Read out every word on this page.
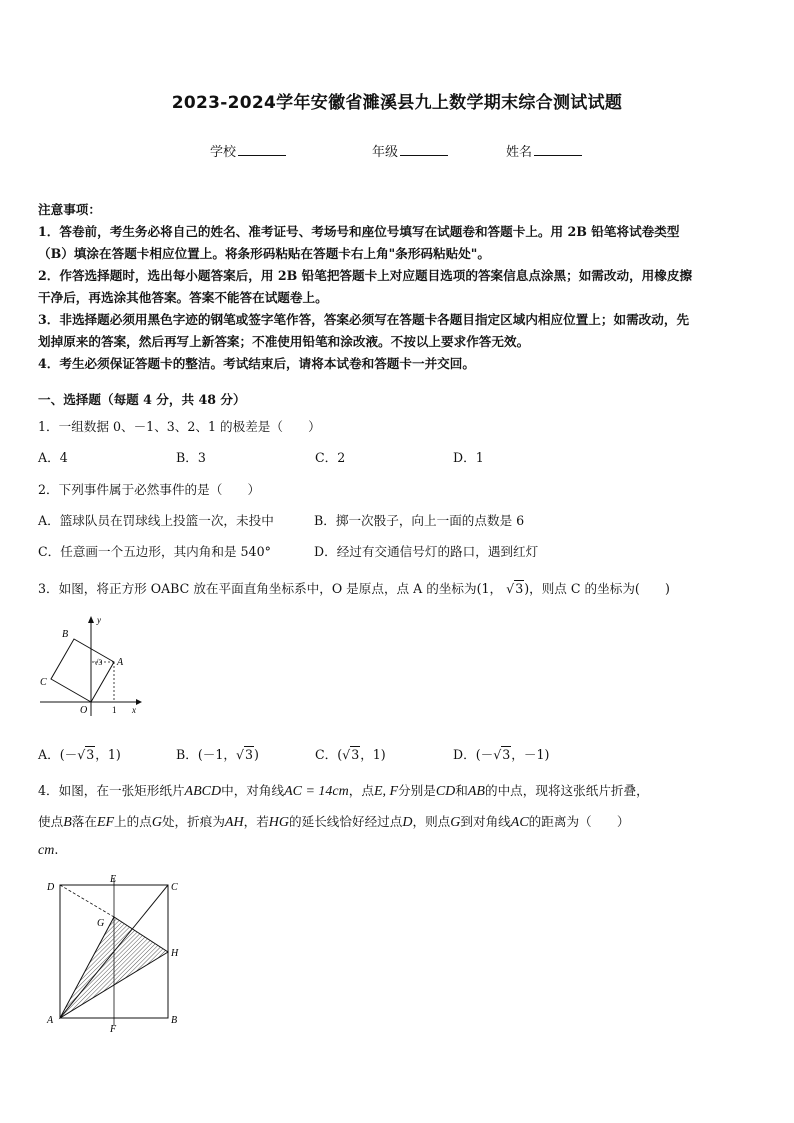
2023-2024学年安徽省濉溪县九上数学期末综合测试试题
学校	年级	姓名
注意事项：
1．答卷前，考生务必将自己的姓名、准考证号、考场号和座位号填写在试题卷和答题卡上。用 2B 铅笔将试卷类型
（B）填涂在答题卡相应位置上。将条形码粘贴在答题卡右上角"条形码粘贴处"。
2．作答选择题时，选出每小题答案后，用 2B 铅笔把答题卡上对应题目选项的答案信息点涂黑；如需改动，用橡皮擦
干净后，再选涂其他答案。答案不能答在试题卷上。
3．非选择题必须用黑色字迹的钢笔或签字笔作答，答案必须写在答题卡各题目指定区域内相应位置上；如需改动，先
划掉原来的答案，然后再写上新答案；不准使用铅笔和涂改液。不按以上要求作答无效。
4．考生必须保证答题卡的整洁。考试结束后，请将本试卷和答题卡一并交回。
一、选择题（每题 4 分，共 48 分）
1．一组数据 0、－1、3、2、1 的极差是（　　）
A．4	B．3	C．2	D．1
2．下列事件属于必然事件的是（　　）
A．篮球队员在罚球线上投篮一次，未投中	B．掷一次骰子，向上一面的点数是 6
C．任意画一个五边形，其内角和是 540°	D．经过有交通信号灯的路口，遇到红灯
3．如图，将正方形 OABC 放在平面直角坐标系中，O 是原点，点 A 的坐标为(1， √3)，则点 C 的坐标为(　　)
B
A
C
O
y
x
1
√3
A．(－√3，1)	B．(－1，√3)	C．(√3，1)	D．(－√3，－1)
4．如图，在一张矩形纸片ABCD中，对角线AC = 14cm，点E, F分别是CD和AB的中点，现将这张纸片折叠，
使点B落在EF上的点G处，折痕为AH，若HG的延长线恰好经过点D，则点G到对角线AC的距离为（　　）
cm.
D
E
C
G
H
A
F
B
